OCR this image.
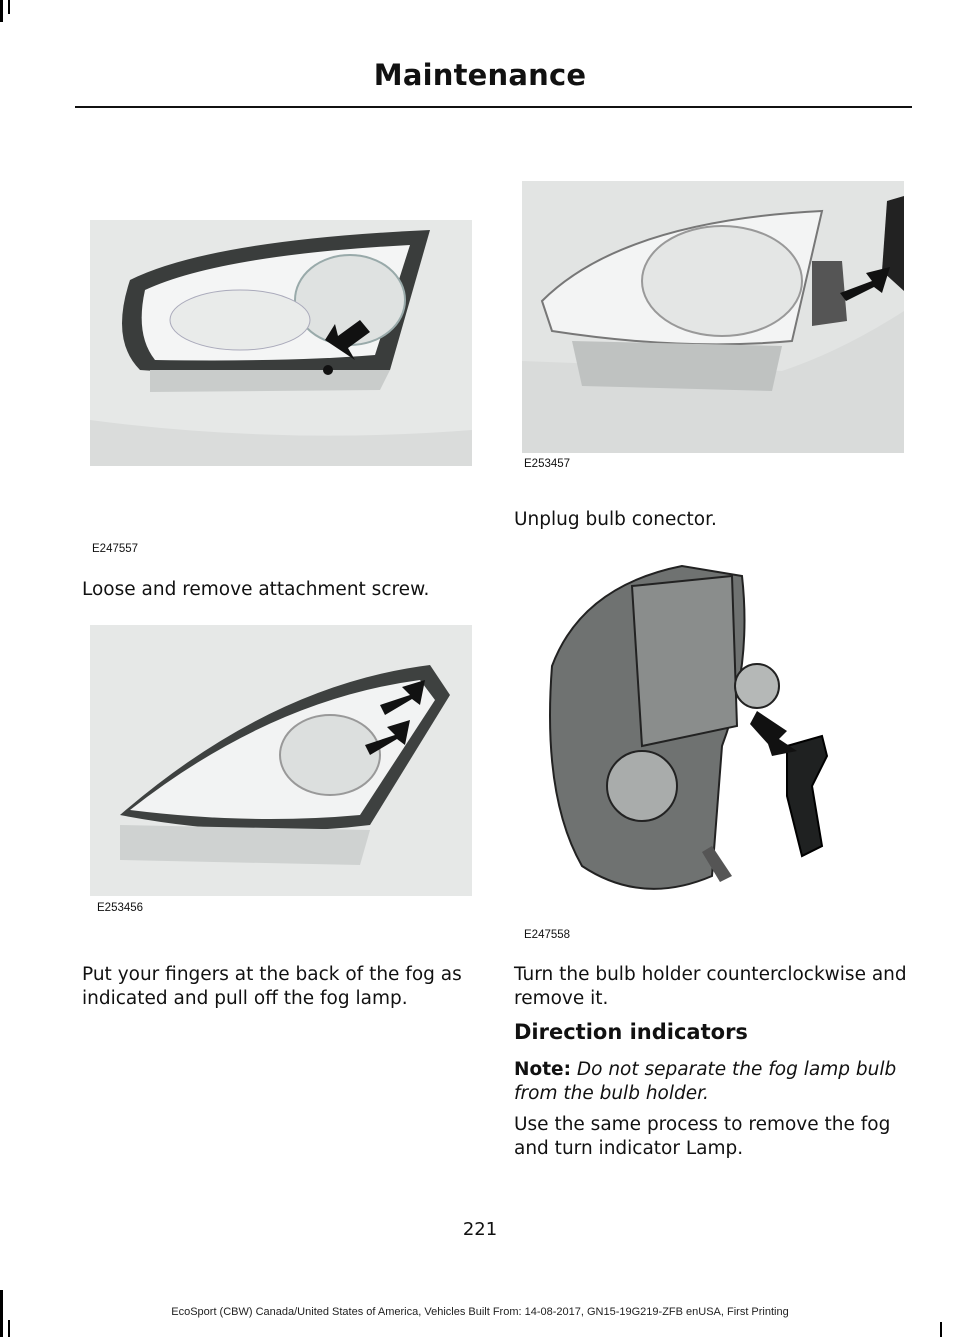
Maintenance
E247557
Loose and remove attachment screw.
E253456
Put your fingers at the back of the fog as indicated and pull off the fog lamp.
E253457
Unplug bulb conector.
E247558
Turn the bulb holder counterclockwise and remove it.
Direction indicators
Note: Do not separate the fog lamp bulb from the bulb holder.
Use the same process to remove the fog and turn indicator Lamp.
221
EcoSport (CBW) Canada/United States of America, Vehicles Built From: 14-08-2017, GN15-19G219-ZFB enUSA, First Printing
